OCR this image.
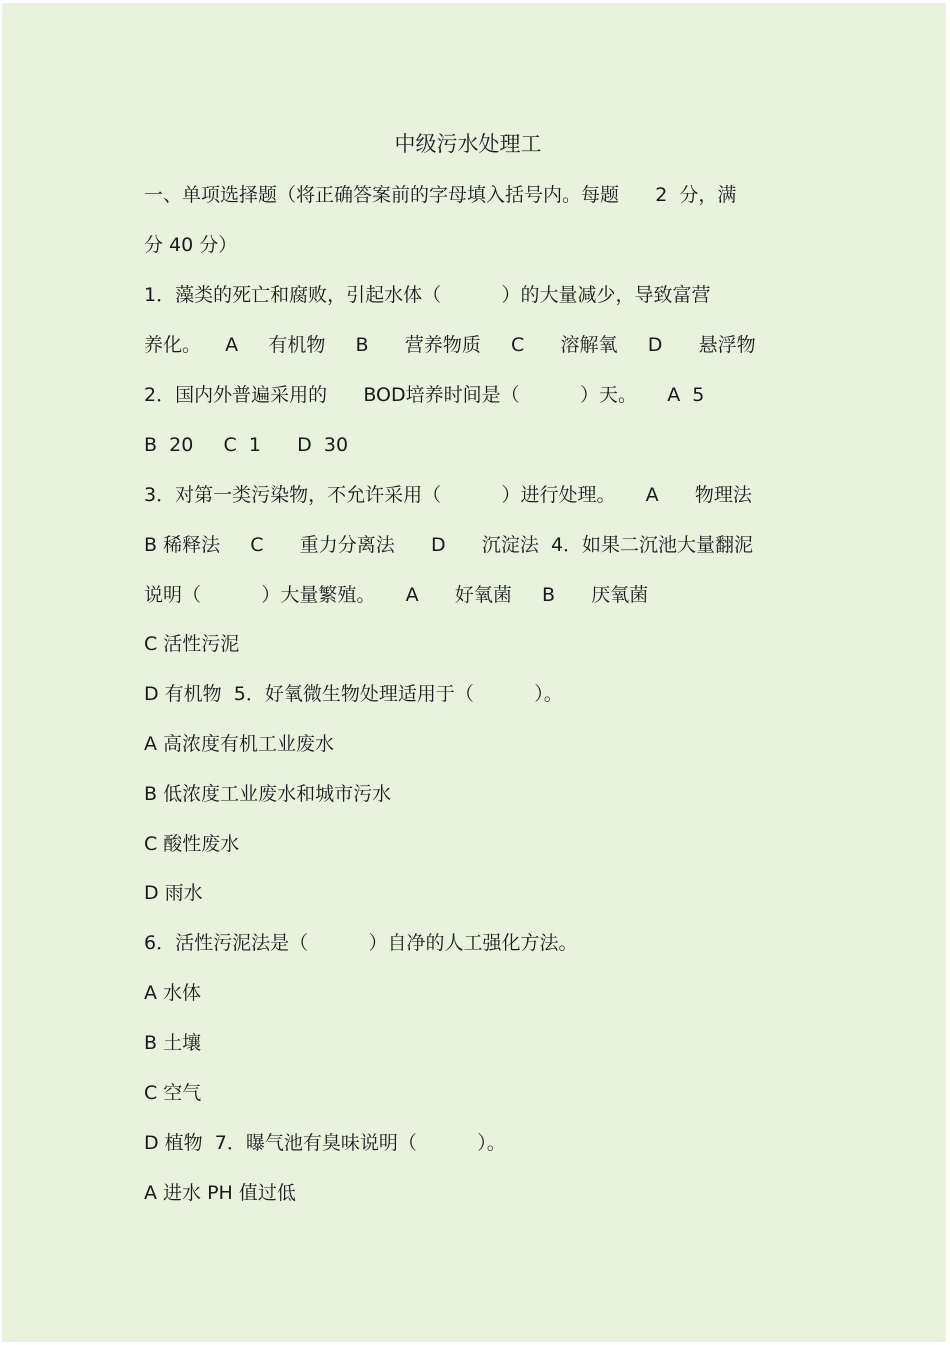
中级污水处理工
一、单项选择题（将正确答案前的字母填入括号内。每题      2  分，满
分 40 分）
1．藻类的死亡和腐败，引起水体（          ）的大量减少，导致富营
养化。    A     有机物     B      营养物质     C      溶解氧     D      悬浮物
2．国内外普遍采用的      BOD培养时间是（          ）天。     A  5
B  20     C  1      D  30
3．对第一类污染物，不允许采用（          ）进行处理。     A      物理法
B 稀释法     C      重力分离法      D      沉淀法  4．如果二沉池大量翻泥
说明（          ）大量繁殖。     A      好氧菌     B      厌氧菌
C 活性污泥
D 有机物  5．好氧微生物处理适用于（          ）。
A 高浓度有机工业废水
B 低浓度工业废水和城市污水
C 酸性废水
D 雨水
6．活性污泥法是（          ）自净的人工强化方法。
A 水体
B 土壤
C 空气
D 植物  7．曝气池有臭味说明（          ）。
A 进水 PH 值过低
